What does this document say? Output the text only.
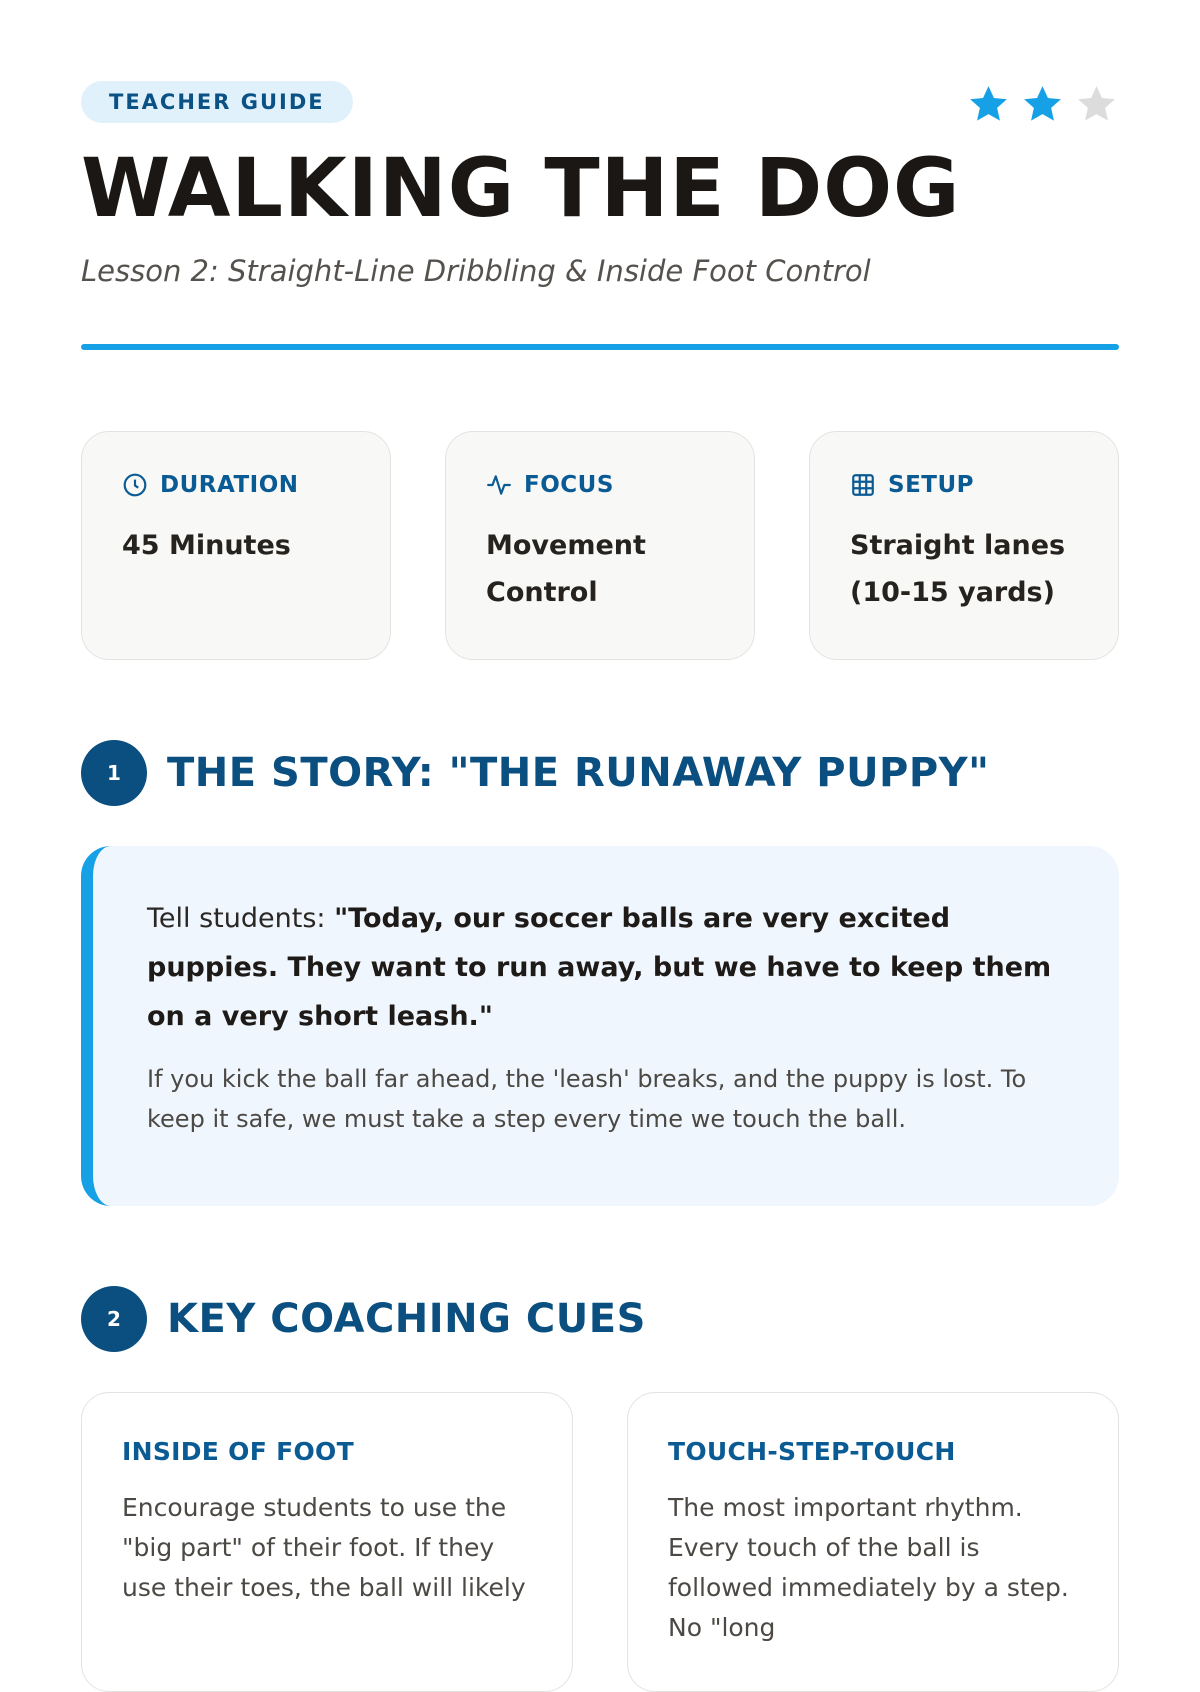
TEACHER GUIDE
WALKING THE DOG

Lesson 2: Straight-Line Dribbling & Inside Foot Control

DURATION
45 Minutes
FOCUS
Movement
Control
SETUP
Straight lanes
(10-15 yards)
1	THE STORY: "THE RUNAWAY PUPPY"

Tell students: "Today, our soccer balls are very excited puppies. They want to run away, but we have to keep them on a very short leash."

If you kick the ball far ahead, the 'leash' breaks, and the puppy is lost. To keep it safe, we must take a step every time we touch the ball.

2	KEY COACHING CUES
INSIDE OF FOOT

Encourage students to use the "big part" of their foot. If they use their toes, the ball will likely

TOUCH-STEP-TOUCH

The most important rhythm. Every touch of the ball is followed immediately by a step. No "long
